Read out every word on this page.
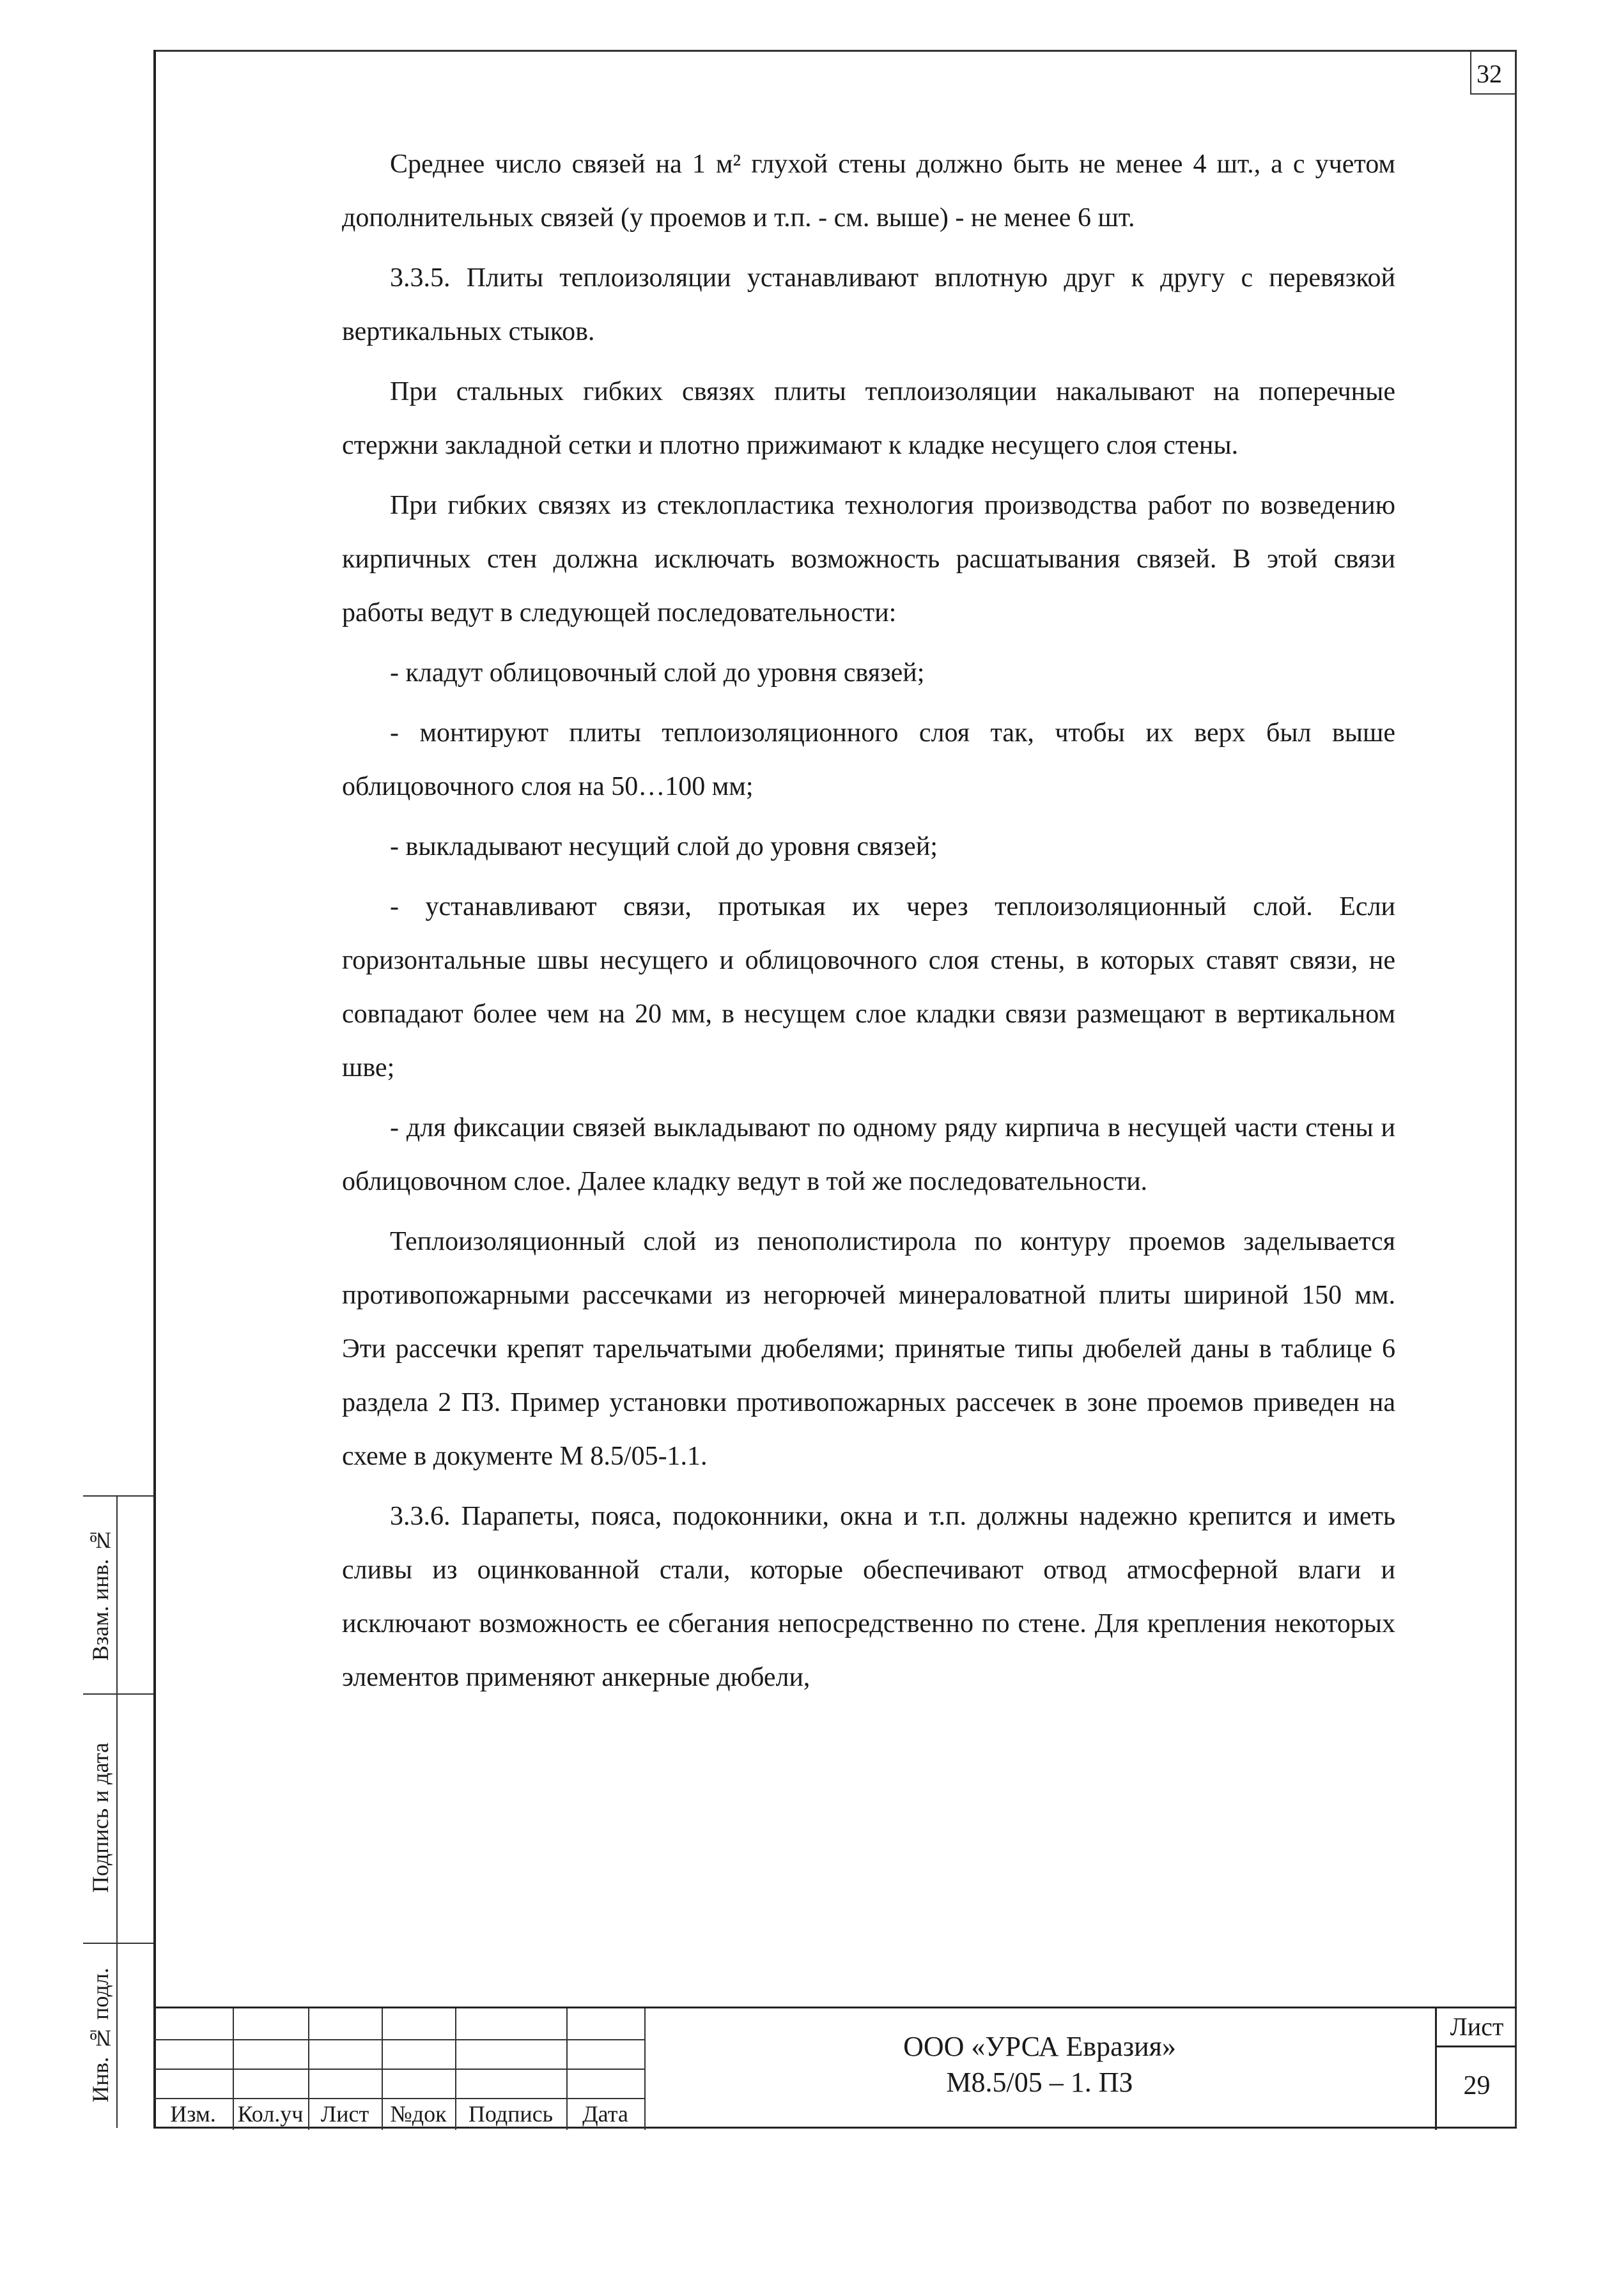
32

Среднее число связей на 1 м² глухой стены должно быть не менее 4 шт., а с учетом дополнительных связей (у проемов и т.п. - см. выше) - не менее 6 шт.

3.3.5. Плиты теплоизоляции устанавливают вплотную друг к другу с перевязкой вертикальных стыков.

При стальных гибких связях плиты теплоизоляции накалывают на поперечные стержни закладной сетки и плотно прижимают к кладке несущего слоя стены.

При гибких связях из стеклопластика технология производства работ по возведению кирпичных стен должна исключать возможность расшатывания связей. В этой связи работы ведут в следующей последовательности:

- кладут облицовочный слой до уровня связей;

- монтируют плиты теплоизоляционного слоя так, чтобы их верх был выше облицовочного слоя на 50…100 мм;

- выкладывают несущий слой до уровня связей;

- устанавливают связи, протыкая их через теплоизоляционный слой. Если горизонтальные швы несущего и облицовочного слоя стены, в которых ставят связи, не совпадают более чем на 20 мм, в несущем слое кладки связи размещают в вертикальном шве;

- для фиксации связей выкладывают по одному ряду кирпича в несущей части стены и облицовочном слое. Далее кладку ведут в той же последовательности.

Теплоизоляционный слой из пенополистирола по контуру проемов заделывается противопожарными рассечками из негорючей минераловатной плиты шириной 150 мм. Эти рассечки крепят тарельчатыми дюбелями; принятые типы дюбелей даны в таблице 6 раздела 2 ПЗ. Пример установки противопожарных рассечек в зоне проемов приведен на схеме в документе М 8.5/05-1.1.

3.3.6. Парапеты, пояса, подоконники, окна и т.п. должны надежно крепится и иметь сливы из оцинкованной стали, которые обеспечивают отвод атмосферной влаги и исключают возможность ее сбегания непосредственно по стене. Для крепления некоторых элементов применяют анкерные дюбели,

Взам. инв. №
Подпись и дата
Инв. № подл.
Изм. Кол.уч Лист №док Подпись	Дата
ООО «УРСА Евразия»
М8.5/05 – 1. ПЗ
Лист
29
